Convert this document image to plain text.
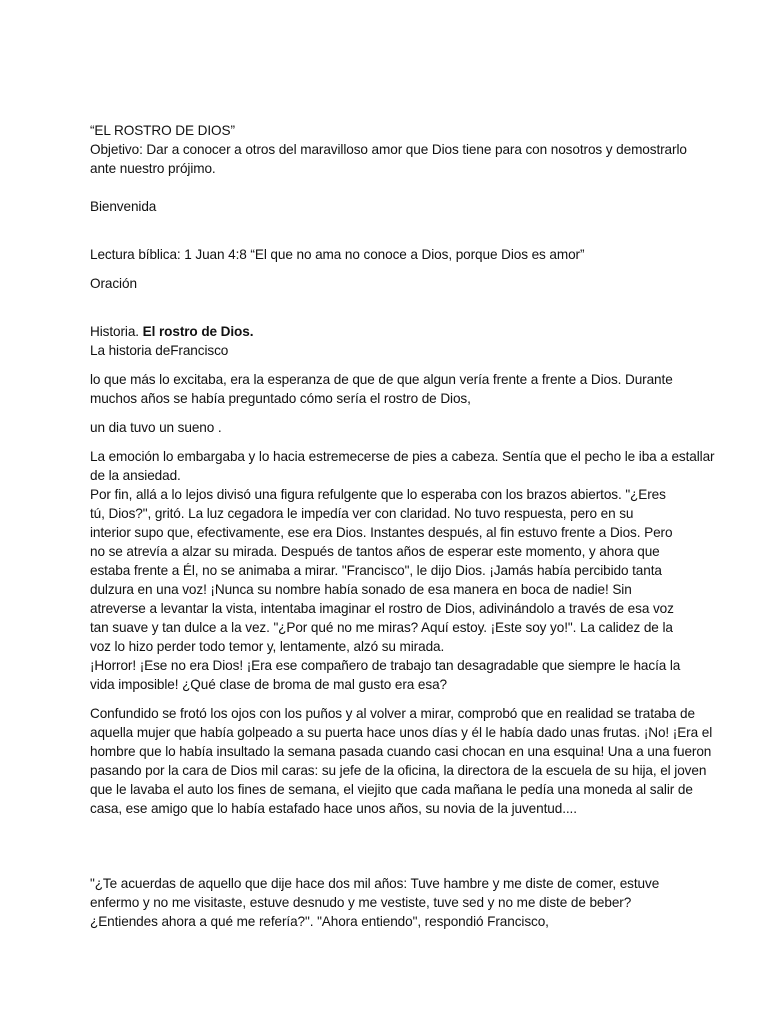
“EL ROSTRO DE DIOS”
Objetivo: Dar a conocer a otros del maravilloso amor que Dios tiene para con nosotros y demostrarlo
ante nuestro prójimo.
Bienvenida
Lectura bíblica: 1 Juan 4:8 “El que no ama no conoce a Dios, porque Dios es amor”
Oración
Historia. El rostro de Dios.
La historia deFrancisco
lo que más lo excitaba, era la esperanza de que de que algun vería frente a frente a Dios. Durante
muchos años se había preguntado cómo sería el rostro de Dios,
un dia tuvo un sueno .
La emoción lo embargaba y lo hacia estremecerse de pies a cabeza. Sentía que el pecho le iba a estallar
de la ansiedad.
Por fin, allá a lo lejos divisó una figura refulgente que lo esperaba con los brazos abiertos. "¿Eres
tú, Dios?", gritó. La luz cegadora le impedía ver con claridad. No tuvo respuesta, pero en su
interior supo que, efectivamente, ese era Dios. Instantes después, al fin estuvo frente a Dios. Pero
no se atrevía a alzar su mirada. Después de tantos años de esperar este momento, y ahora que
estaba frente a Él, no se animaba a mirar. "Francisco", le dijo Dios. ¡Jamás había percibido tanta
dulzura en una voz! ¡Nunca su nombre había sonado de esa manera en boca de nadie! Sin
atreverse a levantar la vista, intentaba imaginar el rostro de Dios, adivinándolo a través de esa voz
tan suave y tan dulce a la vez. "¿Por qué no me miras? Aquí estoy. ¡Este soy yo!". La calidez de la
voz lo hizo perder todo temor y, lentamente, alzó su mirada.
¡Horror! ¡Ese no era Dios! ¡Era ese compañero de trabajo tan desagradable que siempre le hacía la
vida imposible! ¿Qué clase de broma de mal gusto era esa?
Confundido se frotó los ojos con los puños y al volver a mirar, comprobó que en realidad se trataba de
aquella mujer que había golpeado a su puerta hace unos días y él le había dado unas frutas. ¡No! ¡Era el
hombre que lo había insultado la semana pasada cuando casi chocan en una esquina! Una a una fueron
pasando por la cara de Dios mil caras: su jefe de la oficina, la directora de la escuela de su hija, el joven
que le lavaba el auto los fines de semana, el viejito que cada mañana le pedía una moneda al salir de
casa, ese amigo que lo había estafado hace unos años, su novia de la juventud....
"¿Te acuerdas de aquello que dije hace dos mil años: Tuve hambre y me diste de comer, estuve
enfermo y no me visitaste, estuve desnudo y me vestiste, tuve sed y no me diste de beber?
¿Entiendes ahora a qué me refería?". "Ahora entiendo", respondió Francisco,
